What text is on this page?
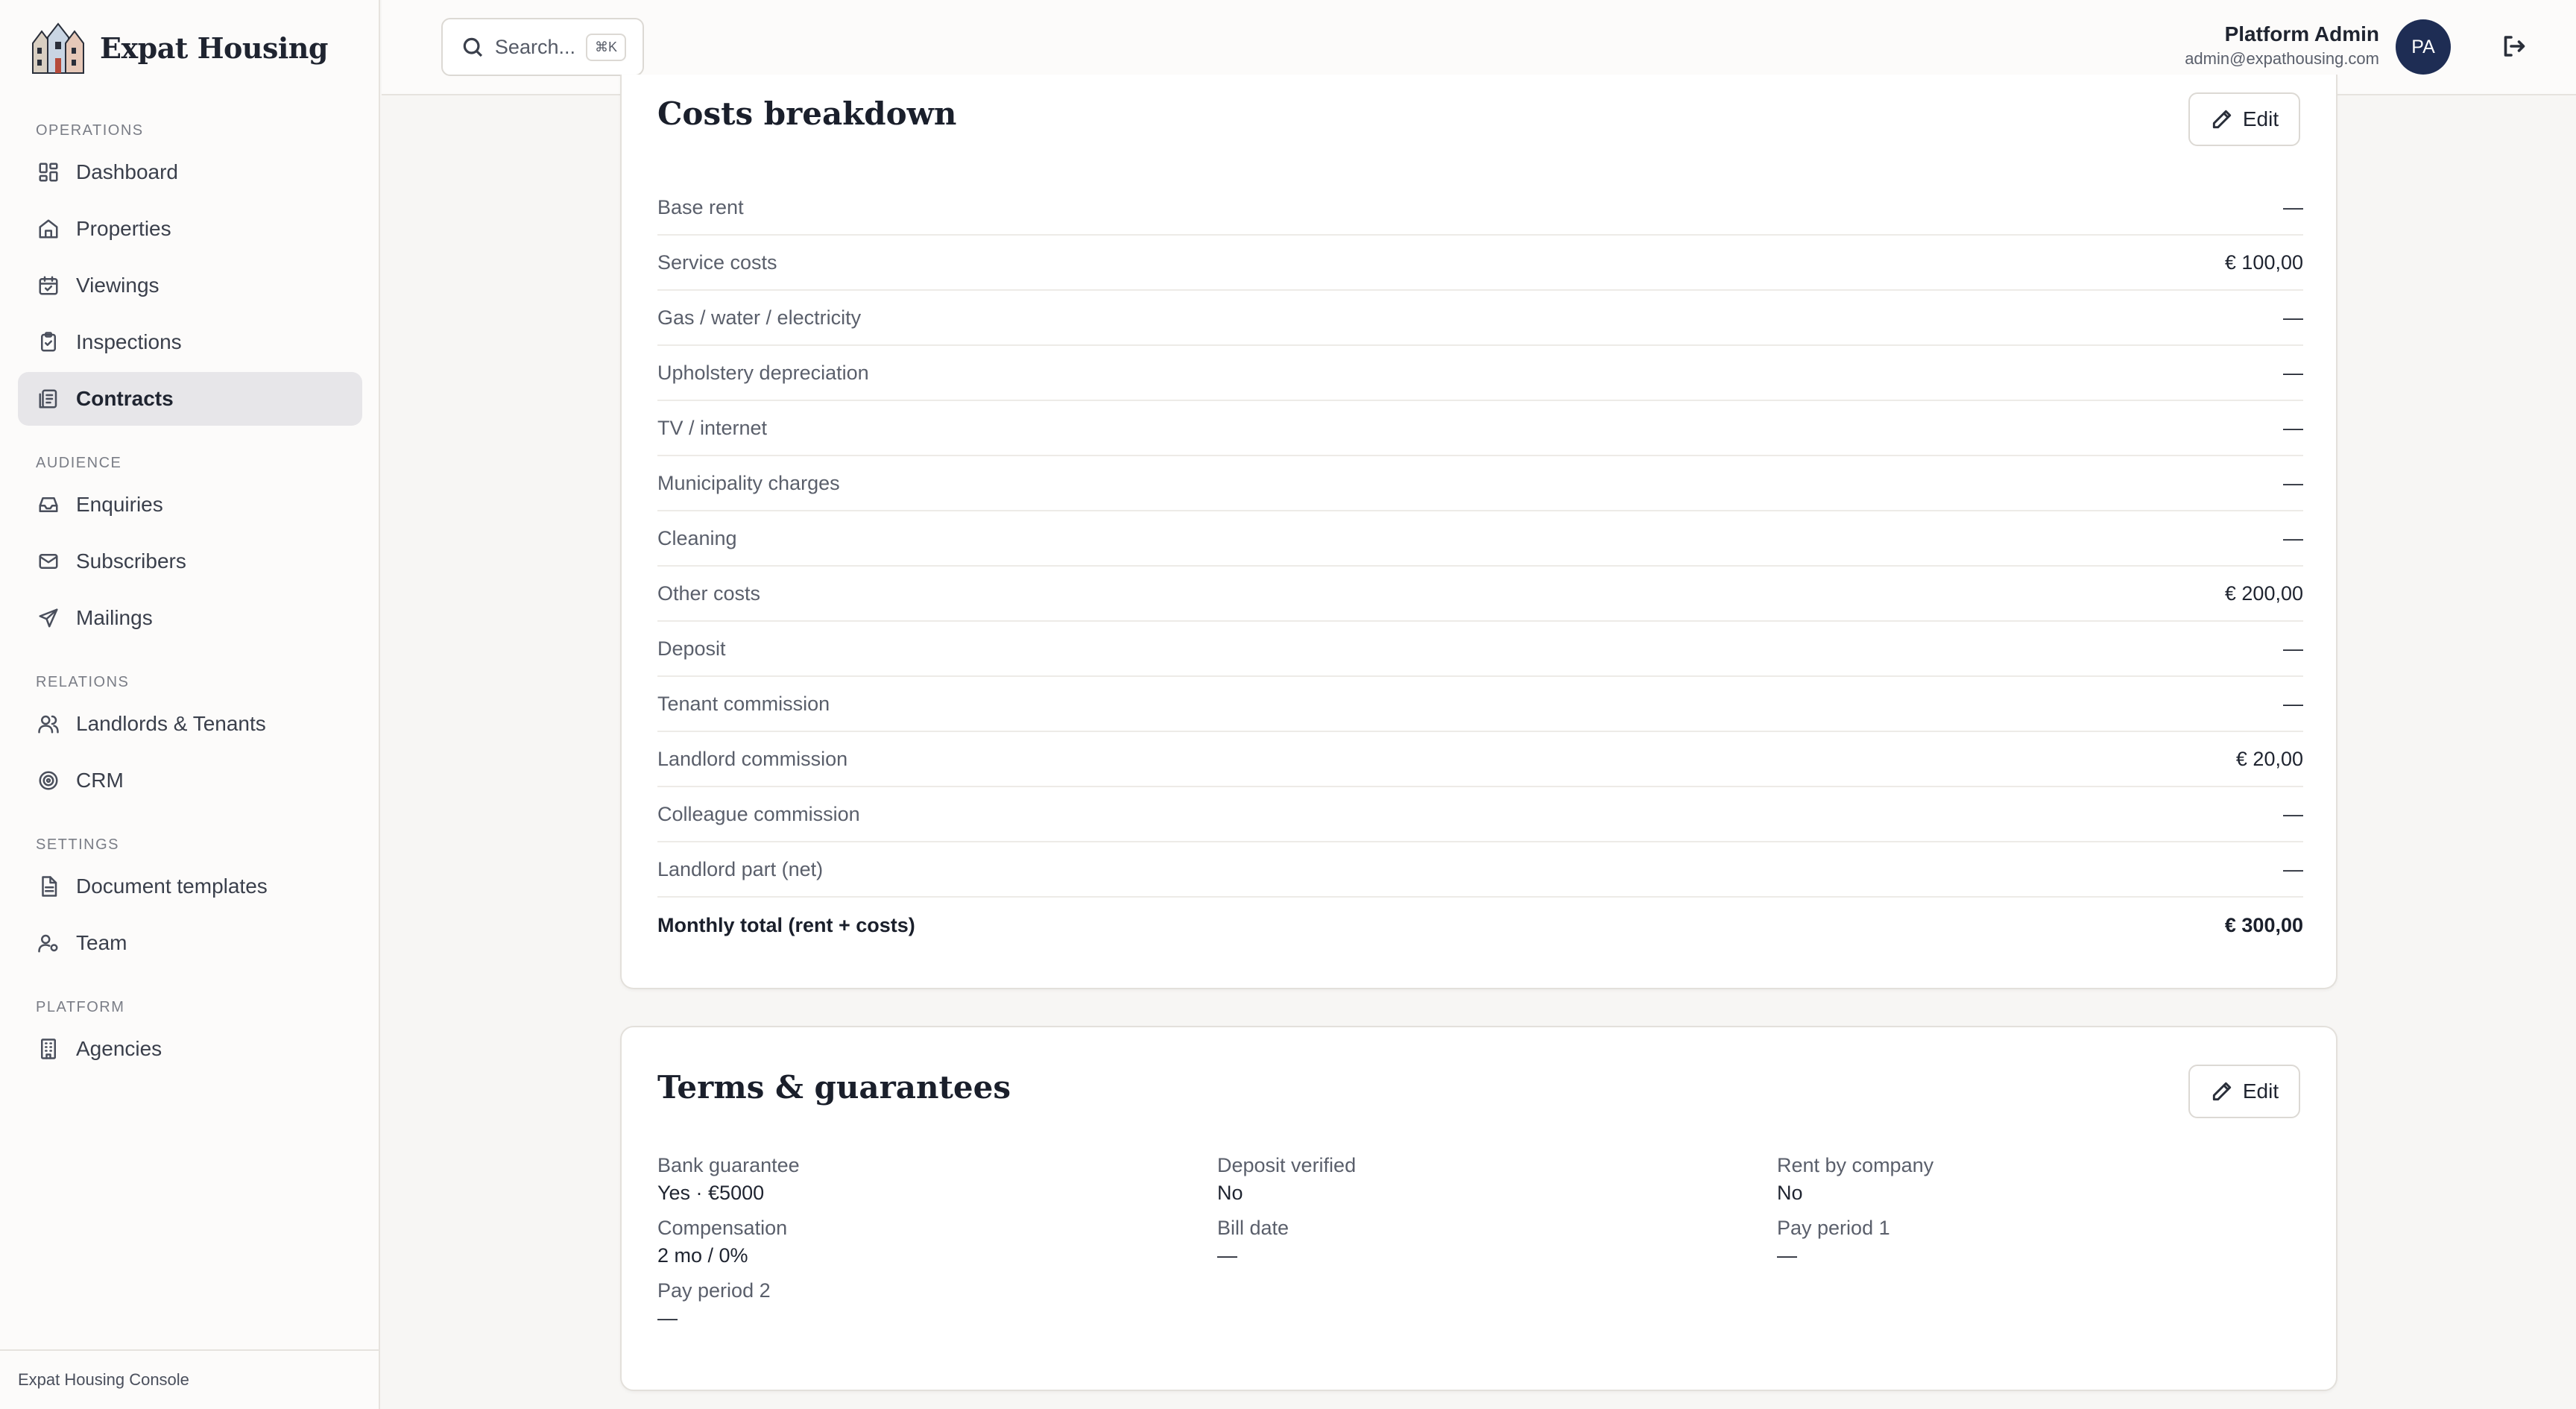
Expat Housing
OPERATIONS
Dashboard
Properties
Viewings
Inspections
Contracts
AUDIENCE
Enquiries
Subscribers
Mailings
RELATIONS
Landlords & Tenants
CRM
SETTINGS
Document templates
Team
PLATFORM
Agencies
Expat Housing Console
Search...	⌘K
Platform Admin
admin@expathousing.com
PA
Costs breakdown	Edit
Base rent	—
Service costs	€ 100,00
Gas / water / electricity	—
Upholstery depreciation	—
TV / internet	—
Municipality charges	—
Cleaning	—
Other costs	€ 200,00
Deposit	—
Tenant commission	—
Landlord commission	€ 20,00
Colleague commission	—
Landlord part (net)	—
Monthly total (rent + costs)	€ 300,00
Terms & guarantees	Edit
Bank guarantee
Yes · €5000
Deposit verified
No
Rent by company
No
Compensation
2 mo / 0%
Bill date
—
Pay period 1
—
Pay period 2
—
